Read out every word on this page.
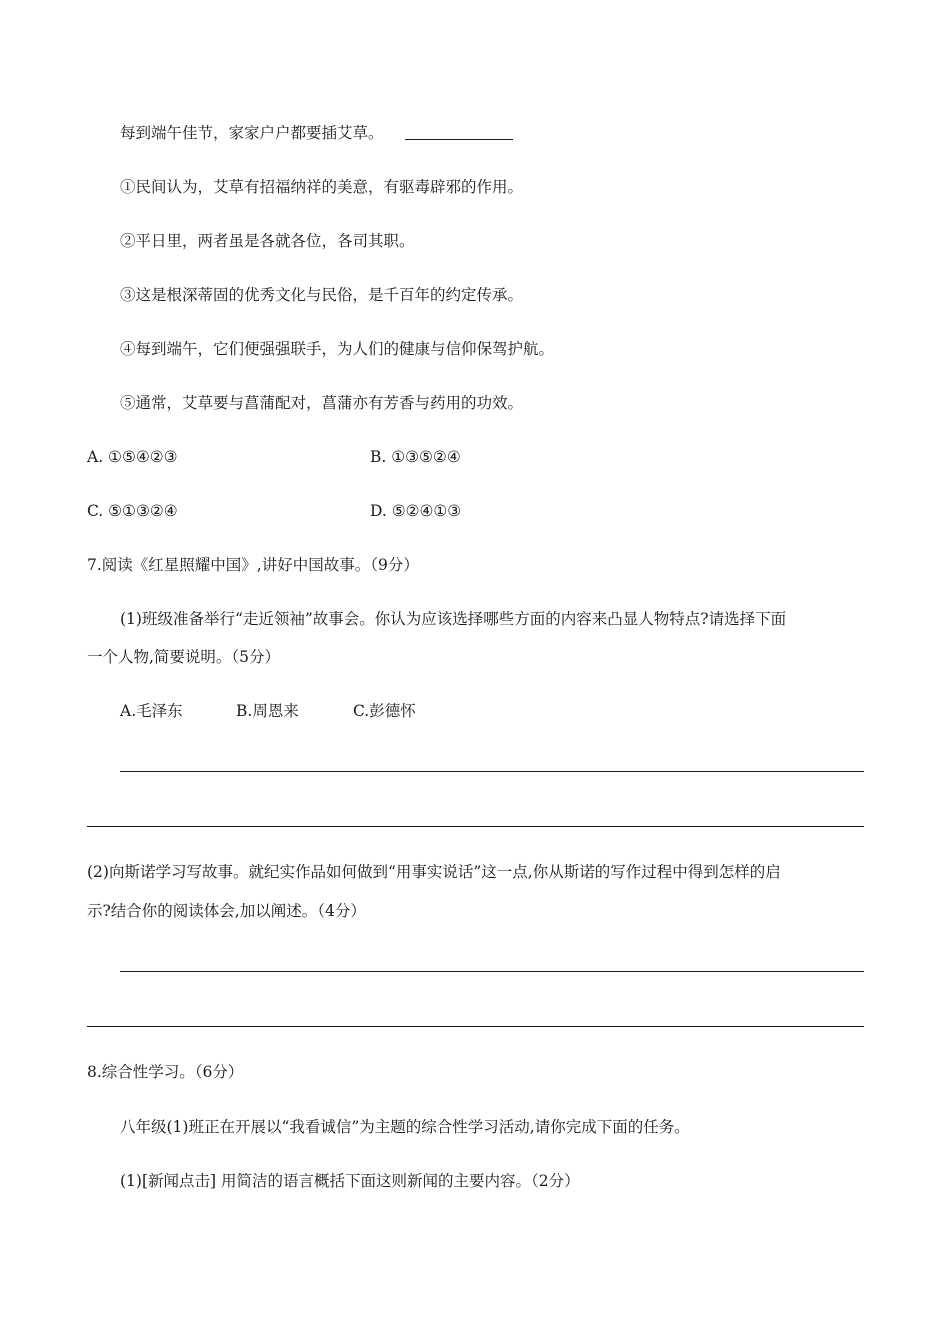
每到端午佳节，家家户户都要插艾草。
①民间认为，艾草有招福纳祥的美意，有驱毒辟邪的作用。
②平日里，两者虽是各就各位，各司其职。
③这是根深蒂固的优秀文化与民俗，是千百年的约定传承。
④每到端午，它们便强强联手，为人们的健康与信仰保驾护航。
⑤通常，艾草要与菖蒲配对，菖蒲亦有芳香与药用的功效。
A. ①⑤④②③	B. ①③⑤②④
C. ⑤①③②④	D. ⑤②④①③
7.阅读《红星照耀中国》,讲好中国故事。（9分）
(1)班级准备举行“走近领袖”故事会。你认为应该选择哪些方面的内容来凸显人物特点?请选择下面
一个人物,简要说明。（5分）
A.毛泽东	B.周恩来	C.彭德怀
(2)向斯诺学习写故事。就纪实作品如何做到“用事实说话”这一点,你从斯诺的写作过程中得到怎样的启
示?结合你的阅读体会,加以阐述。（4分）
8.综合性学习。（6分）
八年级(1)班正在开展以“我看诚信”为主题的综合性学习活动,请你完成下面的任务。
(1)[新闻点击] 用简洁的语言概括下面这则新闻的主要内容。（2分）
